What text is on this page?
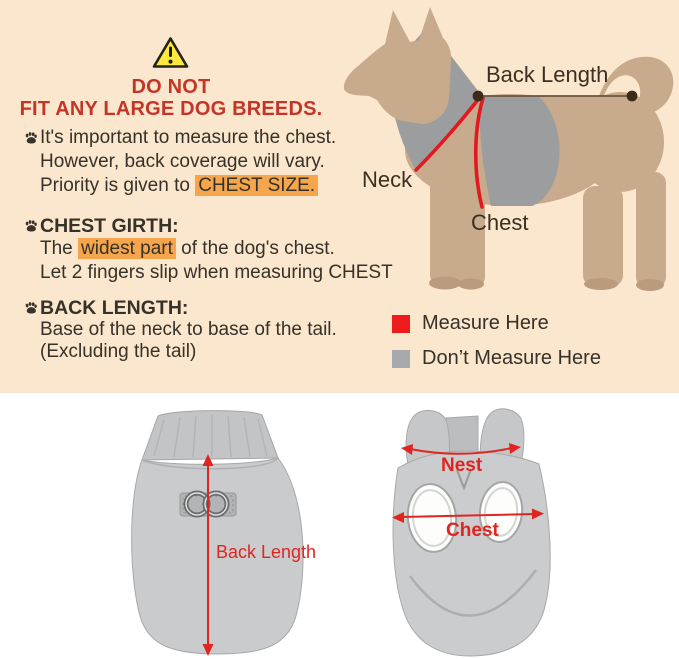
DO NOT
FIT ANY LARGE DOG BREEDS.
It's important to measure the chest.
However, back coverage will vary.
Priority is given to CHEST SIZE.
CHEST GIRTH:
The widest part of the dog's chest.
Let 2 fingers slip when measuring CHEST
BACK LENGTH:
Base of the neck to base of the tail.
(Excluding the tail)
Back Length
Neck
Chest
Measure Here
Don’t Measure Here
Back Length
Nest
Chest
